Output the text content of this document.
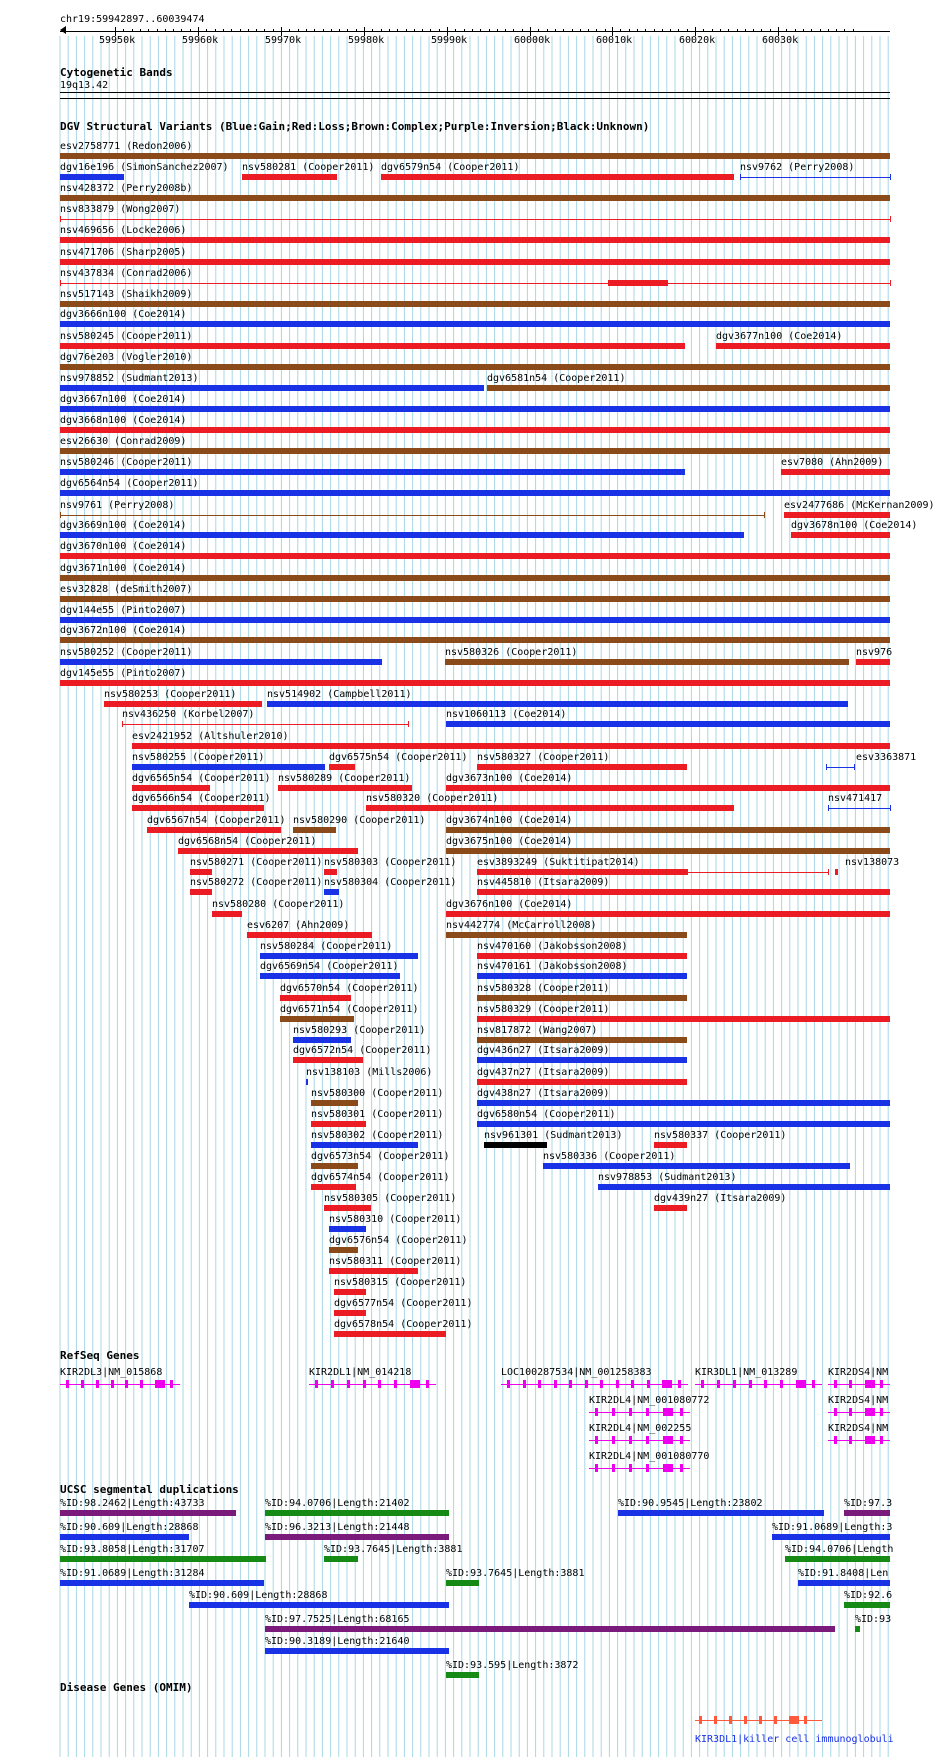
chr19:59942897..60039474
59950k	59960k	59970k	59980k	59990k	60000k	60010k	60020k	60030k
Cytogenetic Bands
19q13.42
DGV Structural Variants (Blue:Gain;Red:Loss;Brown:Complex;Purple:Inversion;Black:Unknown)
esv2758771 (Redon2006)
dgv16e196 (SimonSanchez2007) nsv580281 (Cooper2011) dgv6579n54 (Cooper2011)	nsv9762 (Perry2008)
nsv428372 (Perry2008b)
nsv833879 (Wong2007)
nsv469656 (Locke2006)
nsv471706 (Sharp2005)
nsv437834 (Conrad2006)
nsv517143 (Shaikh2009)
dgv3666n100 (Coe2014)
nsv580245 (Cooper2011)	dgv3677n100 (Coe2014)
dgv76e203 (Vogler2010)
nsv978852 (Sudmant2013)	dgv6581n54 (Cooper2011)
dgv3667n100 (Coe2014)
dgv3668n100 (Coe2014)
esv26630 (Conrad2009)
nsv580246 (Cooper2011)	esv7080 (Ahn2009)
dgv6564n54 (Cooper2011)
nsv9761 (Perry2008)	esv2477686 (McKernan2009)
dgv3669n100 (Coe2014)	dgv3678n100 (Coe2014)
dgv3670n100 (Coe2014)
dgv3671n100 (Coe2014)
esv32828 (deSmith2007)
dgv144e55 (Pinto2007)
dgv3672n100 (Coe2014)
nsv580252 (Cooper2011)	nsv580326 (Cooper2011)	nsv976
dgv145e55 (Pinto2007)
nsv580253 (Cooper2011)	nsv514902 (Campbell2011)
nsv436250 (Korbel2007)	nsv1060113 (Coe2014)
esv2421952 (Altshuler2010)
nsv580255 (Cooper2011)	dgv6575n54 (Cooper2011) nsv580327 (Cooper2011)	esv3363871
dgv6565n54 (Cooper2011) nsv580289 (Cooper2011)	dgv3673n100 (Coe2014)
dgv6566n54 (Cooper2011)	nsv580320 (Cooper2011)	nsv471417
dgv6567n54 (Cooper2011) nsv580290 (Cooper2011) dgv3674n100 (Coe2014)
dgv6568n54 (Cooper2011)	dgv3675n100 (Coe2014)
nsv580271 (Cooper2011) nsv580303 (Cooper2011) esv3893249 (Suktitipat2014)	nsv138073
nsv580272 (Cooper2011) nsv580304 (Cooper2011) nsv445810 (Itsara2009)
nsv580280 (Cooper2011)	dgv3676n100 (Coe2014)
esv6207 (Ahn2009)	nsv442774 (McCarroll2008)
nsv580284 (Cooper2011)	nsv470160 (Jakobsson2008)
dgv6569n54 (Cooper2011)	nsv470161 (Jakobsson2008)
dgv6570n54 (Cooper2011)	nsv580328 (Cooper2011)
dgv6571n54 (Cooper2011)	nsv580329 (Cooper2011)
nsv580293 (Cooper2011)	nsv817872 (Wang2007)
dgv6572n54 (Cooper2011)	dgv436n27 (Itsara2009)
nsv138103 (Mills2006)	dgv437n27 (Itsara2009)
nsv580300 (Cooper2011)	dgv438n27 (Itsara2009)
nsv580301 (Cooper2011)	dgv6580n54 (Cooper2011)
nsv580302 (Cooper2011)	nsv961301 (Sudmant2013)	nsv580337 (Cooper2011)
dgv6573n54 (Cooper2011)	nsv580336 (Cooper2011)
dgv6574n54 (Cooper2011)	nsv978853 (Sudmant2013)
nsv580305 (Cooper2011)	dgv439n27 (Itsara2009)
nsv580310 (Cooper2011)
dgv6576n54 (Cooper2011)
nsv580311 (Cooper2011)
nsv580315 (Cooper2011)
dgv6577n54 (Cooper2011)
dgv6578n54 (Cooper2011)
RefSeq Genes
KIR2DL3|NM_015868	KIR2DL1|NM_014218	LOC100287534|NM_001258383	KIR3DL1|NM_013289	KIR2DS4|NM
KIR2DL4|NM_001080772	KIR2DS4|NM
KIR2DL4|NM_002255	KIR2DS4|NM
KIR2DL4|NM_001080770
UCSC segmental duplications
%ID:98.2462|Length:43733	%ID:94.0706|Length:21402	%ID:90.9545|Length:23802	%ID:97.3
%ID:90.609|Length:28868	%ID:96.3213|Length:21448	%ID:91.0689|Length:3
%ID:93.8058|Length:31707	%ID:93.7645|Length:3881	%ID:94.0706|Length
%ID:91.0689|Length:31284	%ID:93.7645|Length:3881	%ID:91.8408|Len
%ID:90.609|Length:28868	%ID:92.6
%ID:97.7525|Length:68165	%ID:93
%ID:90.3189|Length:21640
%ID:93.595|Length:3872
Disease Genes (OMIM)
KIR3DL1|killer cell immunoglobuli
